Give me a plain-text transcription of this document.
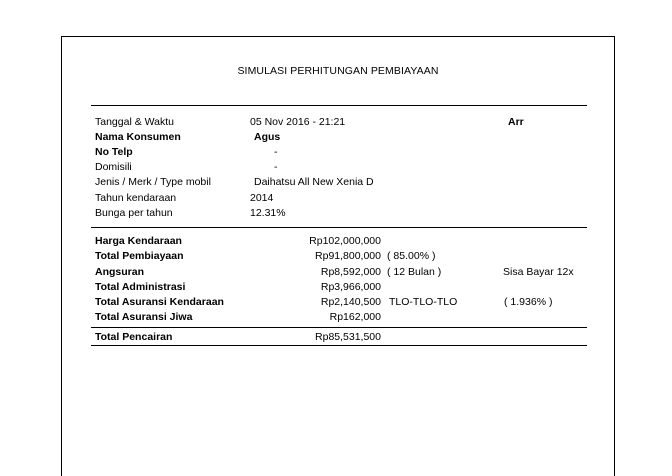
SIMULASI PERHITUNGAN PEMBIAYAAN
Tanggal & Waktu	05 Nov 2016 - 21:21	Arr
Nama Konsumen	Agus
No Telp	-
Domisili	-
Jenis / Merk / Type mobil	Daihatsu All New Xenia D
Tahun kendaraan	2014
Bunga per tahun	12.31%
Harga Kendaraan	Rp102,000,000
Total Pembiayaan	Rp91,800,000 ( 85.00% )
Angsuran	Rp8,592,000 ( 12 Bulan )	Sisa Bayar 12x
Total Administrasi	Rp3,966,000
Total Asuransi Kendaraan	Rp2,140,500 TLO-TLO-TLO	( 1.936% )
Total Asuransi Jiwa	Rp162,000
Total Pencairan	Rp85,531,500
